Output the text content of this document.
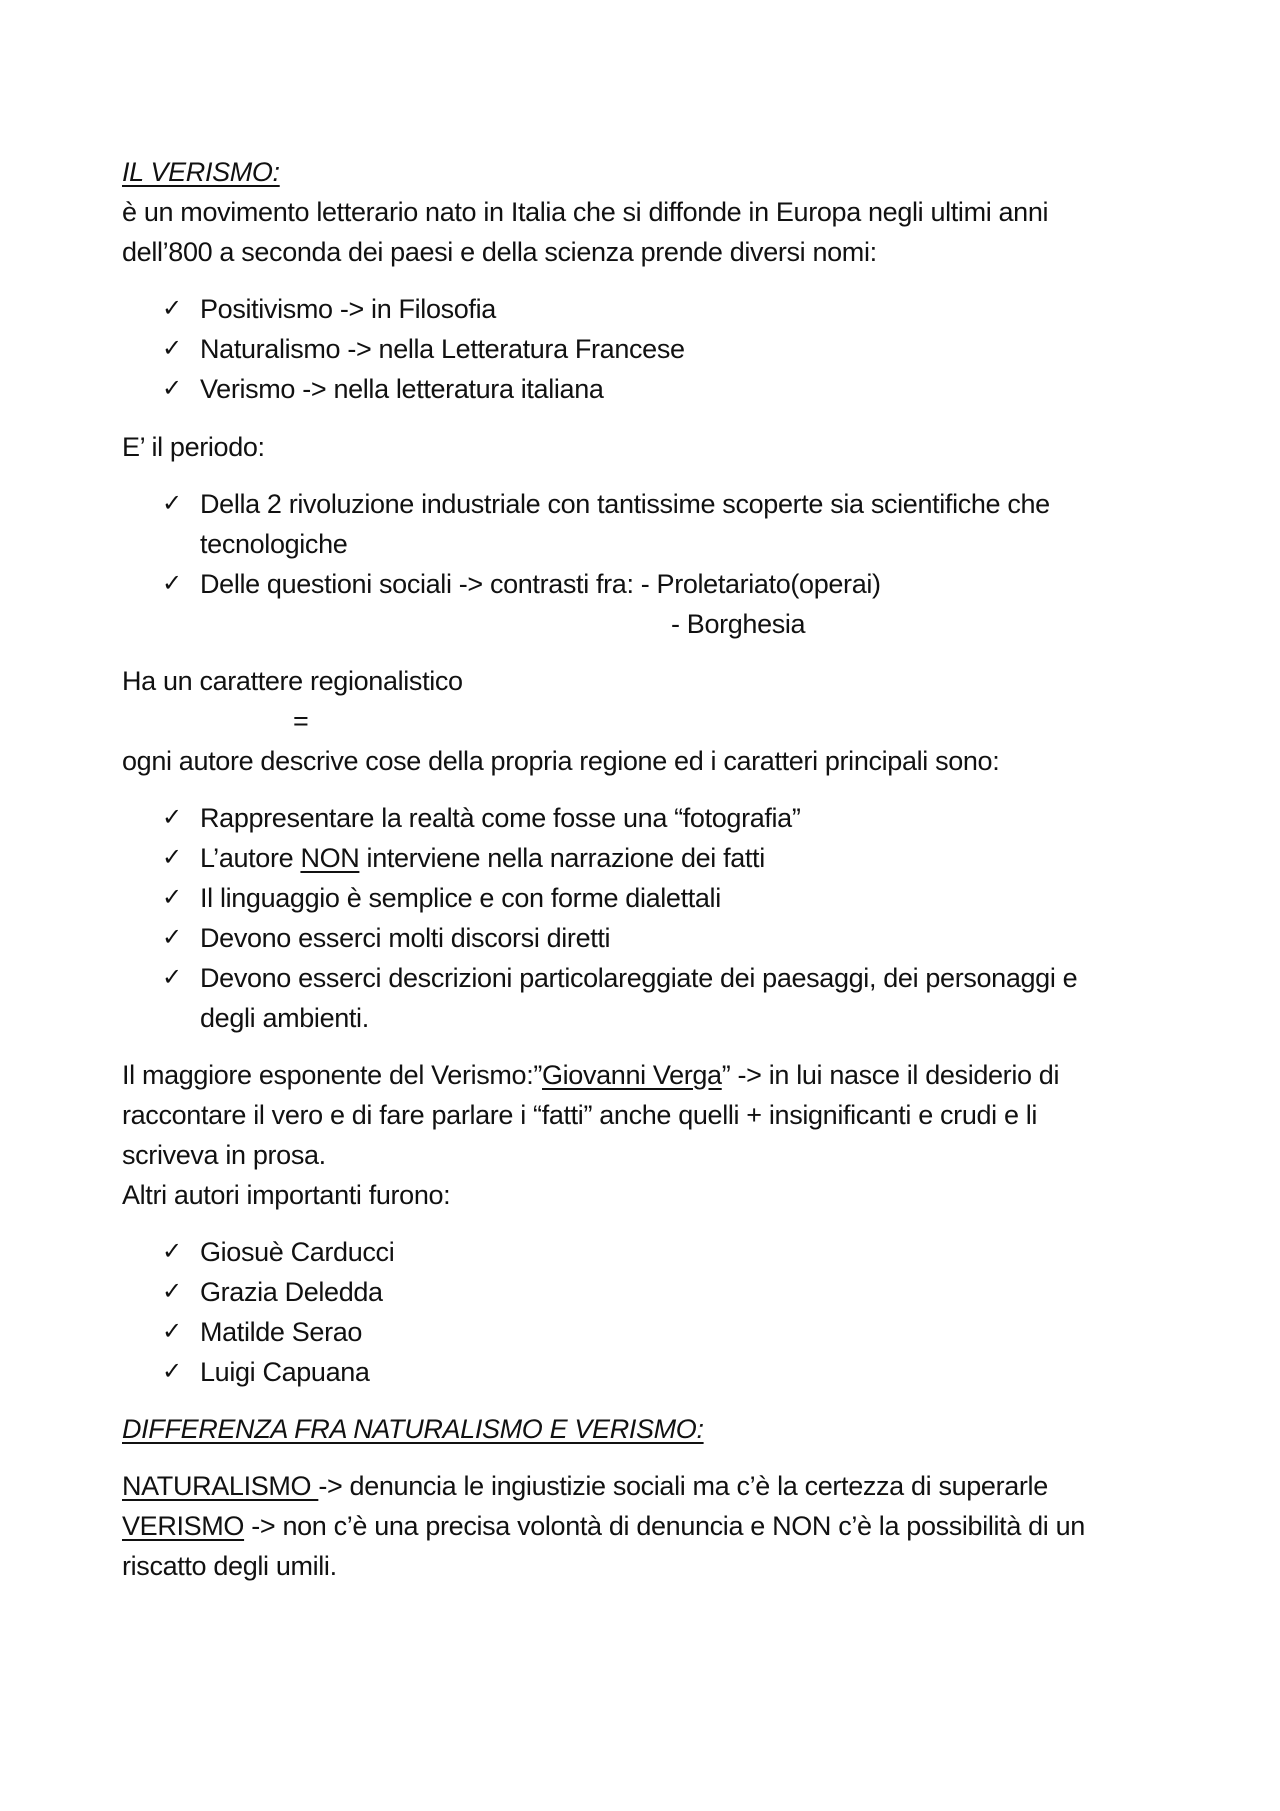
IL VERISMO:
è un movimento letterario nato in Italia che si diffonde in Europa negli ultimi anni
dell’800 a seconda dei paesi e della scienza prende diversi nomi:
✓ Positivismo -> in Filosofia
✓ Naturalismo -> nella Letteratura Francese
✓ Verismo -> nella letteratura italiana
E’ il periodo:
✓ Della 2 rivoluzione industriale con tantissime scoperte sia scientifiche che
tecnologiche
✓ Delle questioni sociali -> contrasti fra: - Proletariato(operai)
- Borghesia
Ha un carattere regionalistico
=
ogni autore descrive cose della propria regione ed i caratteri principali sono:
✓ Rappresentare la realtà come fosse una “fotografia”
✓ L’autore NON interviene nella narrazione dei fatti
✓ Il linguaggio è semplice e con forme dialettali
✓ Devono esserci molti discorsi diretti
✓ Devono esserci descrizioni particolareggiate dei paesaggi, dei personaggi e
degli ambienti.
Il maggiore esponente del Verismo:”Giovanni Verga” -> in lui nasce il desiderio di
raccontare il vero e di fare parlare i “fatti” anche quelli + insignificanti e crudi e li
scriveva in prosa.
Altri autori importanti furono:
✓ Giosuè Carducci
✓ Grazia Deledda
✓ Matilde Serao
✓ Luigi Capuana
DIFFERENZA FRA NATURALISMO E VERISMO:
NATURALISMO -> denuncia le ingiustizie sociali ma c’è la certezza di superarle
VERISMO -> non c’è una precisa volontà di denuncia e NON c’è la possibilità di un
riscatto degli umili.
